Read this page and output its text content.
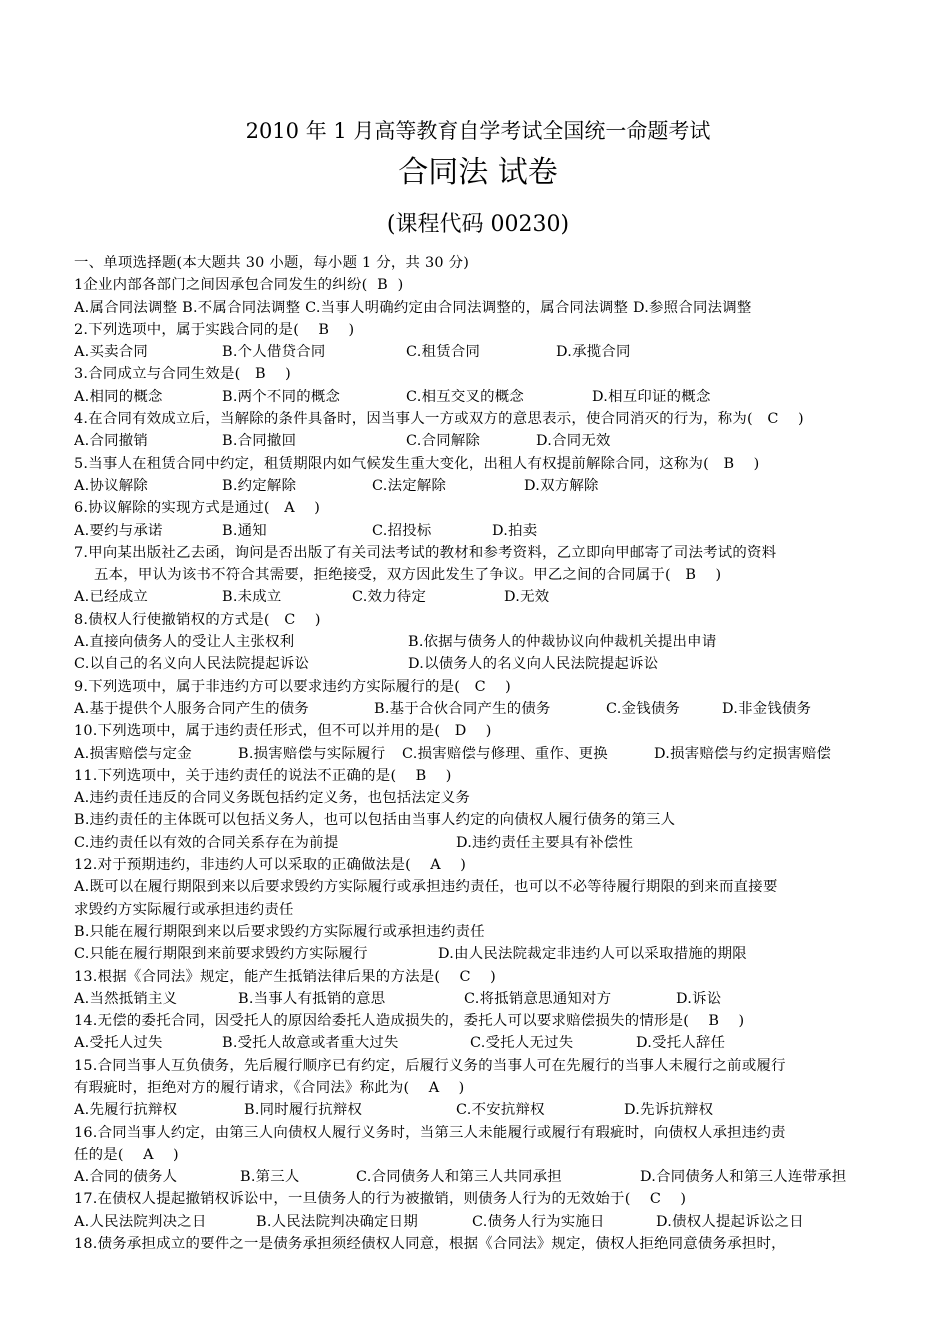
2010 年 1 月高等教育自学考试全国统一命题考试
合同法 试卷
(课程代码 00230)
一、单项选择题(本大题共 30 小题，每小题 1 分，共 30 分)
1企业内部各部门之间因承包合同发生的纠纷(  B  )
A.属合同法调整 B.不属合同法调整 C.当事人明确约定由合同法调整的，属合同法调整 D.参照合同法调整
2.下列选项中，属于实践合同的是(    B    )
A.买卖合同	B.个人借贷合同	C.租赁合同	D.承揽合同
3.合同成立与合同生效是(   B    )
A.相同的概念	B.两个不同的概念	C.相互交叉的概念	D.相互印证的概念
4.在合同有效成立后，当解除的条件具备时，因当事人一方或双方的意思表示，使合同消灭的行为，称为(   C    )
A.合同撤销	B.合同撤回	C.合同解除	D.合同无效
5.当事人在租赁合同中约定，租赁期限内如气候发生重大变化，出租人有权提前解除合同，这称为(   B    )
A.协议解除	B.约定解除	C.法定解除	D.双方解除
6.协议解除的实现方式是通过(   A    )
A.要约与承诺	B.通知	C.招投标	D.拍卖
7.甲向某出版社乙去函，询问是否出版了有关司法考试的教材和参考资料，乙立即向甲邮寄了司法考试的资料
五本，甲认为该书不符合其需要，拒绝接受，双方因此发生了争议。甲乙之间的合同属于(   B    )
A.已经成立	B.未成立	C.效力待定	D.无效
8.债权人行使撤销权的方式是(   C    )
A.直接向债务人的受让人主张权利	B.依据与债务人的仲裁协议向仲裁机关提出申请
C.以自己的名义向人民法院提起诉讼	D.以债务人的名义向人民法院提起诉讼
9.下列选项中，属于非违约方可以要求违约方实际履行的是(   C    )
A.基于提供个人服务合同产生的债务	B.基于合伙合同产生的债务	C.金钱债务	D.非金钱债务
10.下列选项中，属于违约责任形式，但不可以并用的是(   D    )
A.损害赔偿与定金	B.损害赔偿与实际履行 C.损害赔偿与修理、重作、更换	D.损害赔偿与约定损害赔偿
11.下列选项中，关于违约责任的说法不正确的是(    B    )
A.违约责任违反的合同义务既包括约定义务，也包括法定义务
B.违约责任的主体既可以包括义务人，也可以包括由当事人约定的向债权人履行债务的第三人
C.违约责任以有效的合同关系存在为前提	D.违约责任主要具有补偿性
12.对于预期违约，非违约人可以采取的正确做法是(    A    )
A.既可以在履行期限到来以后要求毁约方实际履行或承担违约责任，也可以不必等待履行期限的到来而直接要
求毁约方实际履行或承担违约责任
B.只能在履行期限到来以后要求毁约方实际履行或承担违约责任
C.只能在履行期限到来前要求毁约方实际履行	D.由人民法院裁定非违约人可以采取措施的期限
13.根据《合同法》规定，能产生抵销法律后果的方法是(    C    )
A.当然抵销主义	B.当事人有抵销的意思	C.将抵销意思通知对方	D.诉讼
14.无偿的委托合同，因受托人的原因给委托人造成损失的，委托人可以要求赔偿损失的情形是(    B    )
A.受托人过失	B.受托人故意或者重大过失	C.受托人无过失	D.受托人辞任
15.合同当事人互负债务，先后履行顺序已有约定，后履行义务的当事人可在先履行的当事人未履行之前或履行
有瑕疵时，拒绝对方的履行请求，《合同法》称此为(    A    )
A.先履行抗辩权	B.同时履行抗辩权	C.不安抗辩权	D.先诉抗辩权
16.合同当事人约定，由第三人向债权人履行义务时，当第三人未能履行或履行有瑕疵时，向债权人承担违约责
任的是(    A    )
A.合同的债务人	B.第三人	C.合同债务人和第三人共同承担	D.合同债务人和第三人连带承担
17.在债权人提起撤销权诉讼中，一旦债务人的行为被撤销，则债务人行为的无效始于(    C    )
A.人民法院判决之日	B.人民法院判决确定日期	C.债务人行为实施日	D.债权人提起诉讼之日
18.债务承担成立的要件之一是债务承担须经债权人同意，根据《合同法》规定，债权人拒绝同意债务承担时，
